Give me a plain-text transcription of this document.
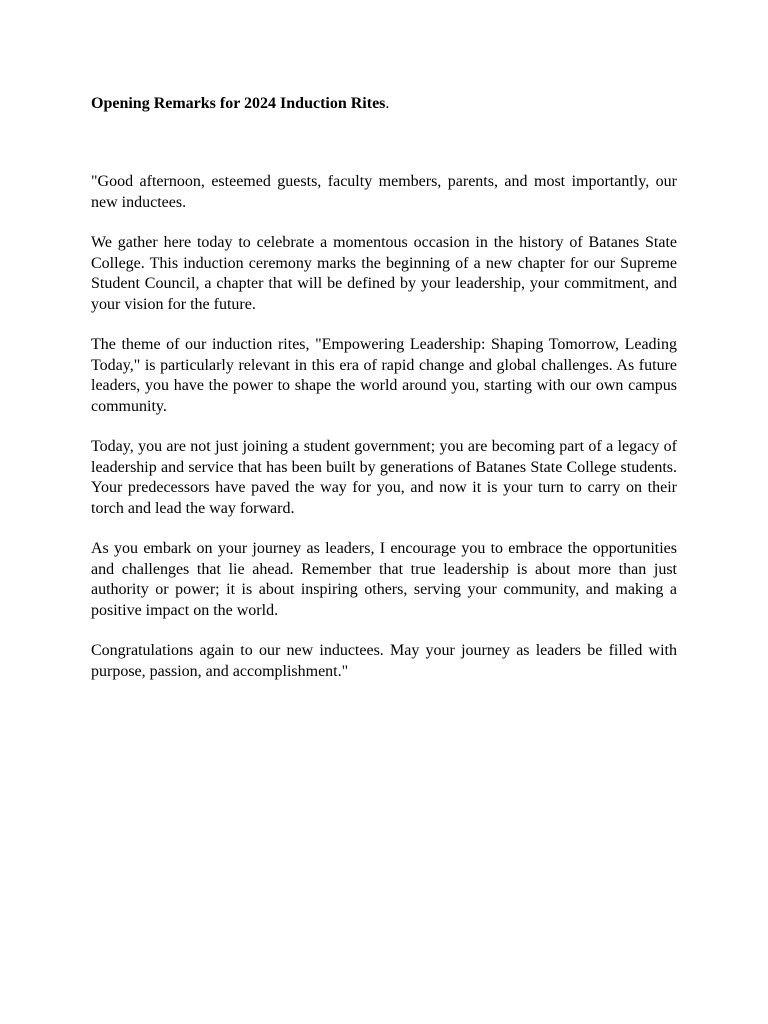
Opening Remarks for 2024 Induction Rites.

"Good afternoon, esteemed guests, faculty members, parents, and most importantly, our new inductees.

We gather here today to celebrate a momentous occasion in the history of Batanes State College. This induction ceremony marks the beginning of a new chapter for our Supreme Student Council, a chapter that will be defined by your leadership, your commitment, and your vision for the future.

The theme of our induction rites, "Empowering Leadership: Shaping Tomorrow, Leading Today," is particularly relevant in this era of rapid change and global challenges. As future leaders, you have the power to shape the world around you, starting with our own campus community.

Today, you are not just joining a student government; you are becoming part of a legacy of leadership and service that has been built by generations of Batanes State College students. Your predecessors have paved the way for you, and now it is your turn to carry on their torch and lead the way forward.

As you embark on your journey as leaders, I encourage you to embrace the opportunities and challenges that lie ahead. Remember that true leadership is about more than just authority or power; it is about inspiring others, serving your community, and making a positive impact on the world.

Congratulations again to our new inductees. May your journey as leaders be filled with purpose, passion, and accomplishment."
